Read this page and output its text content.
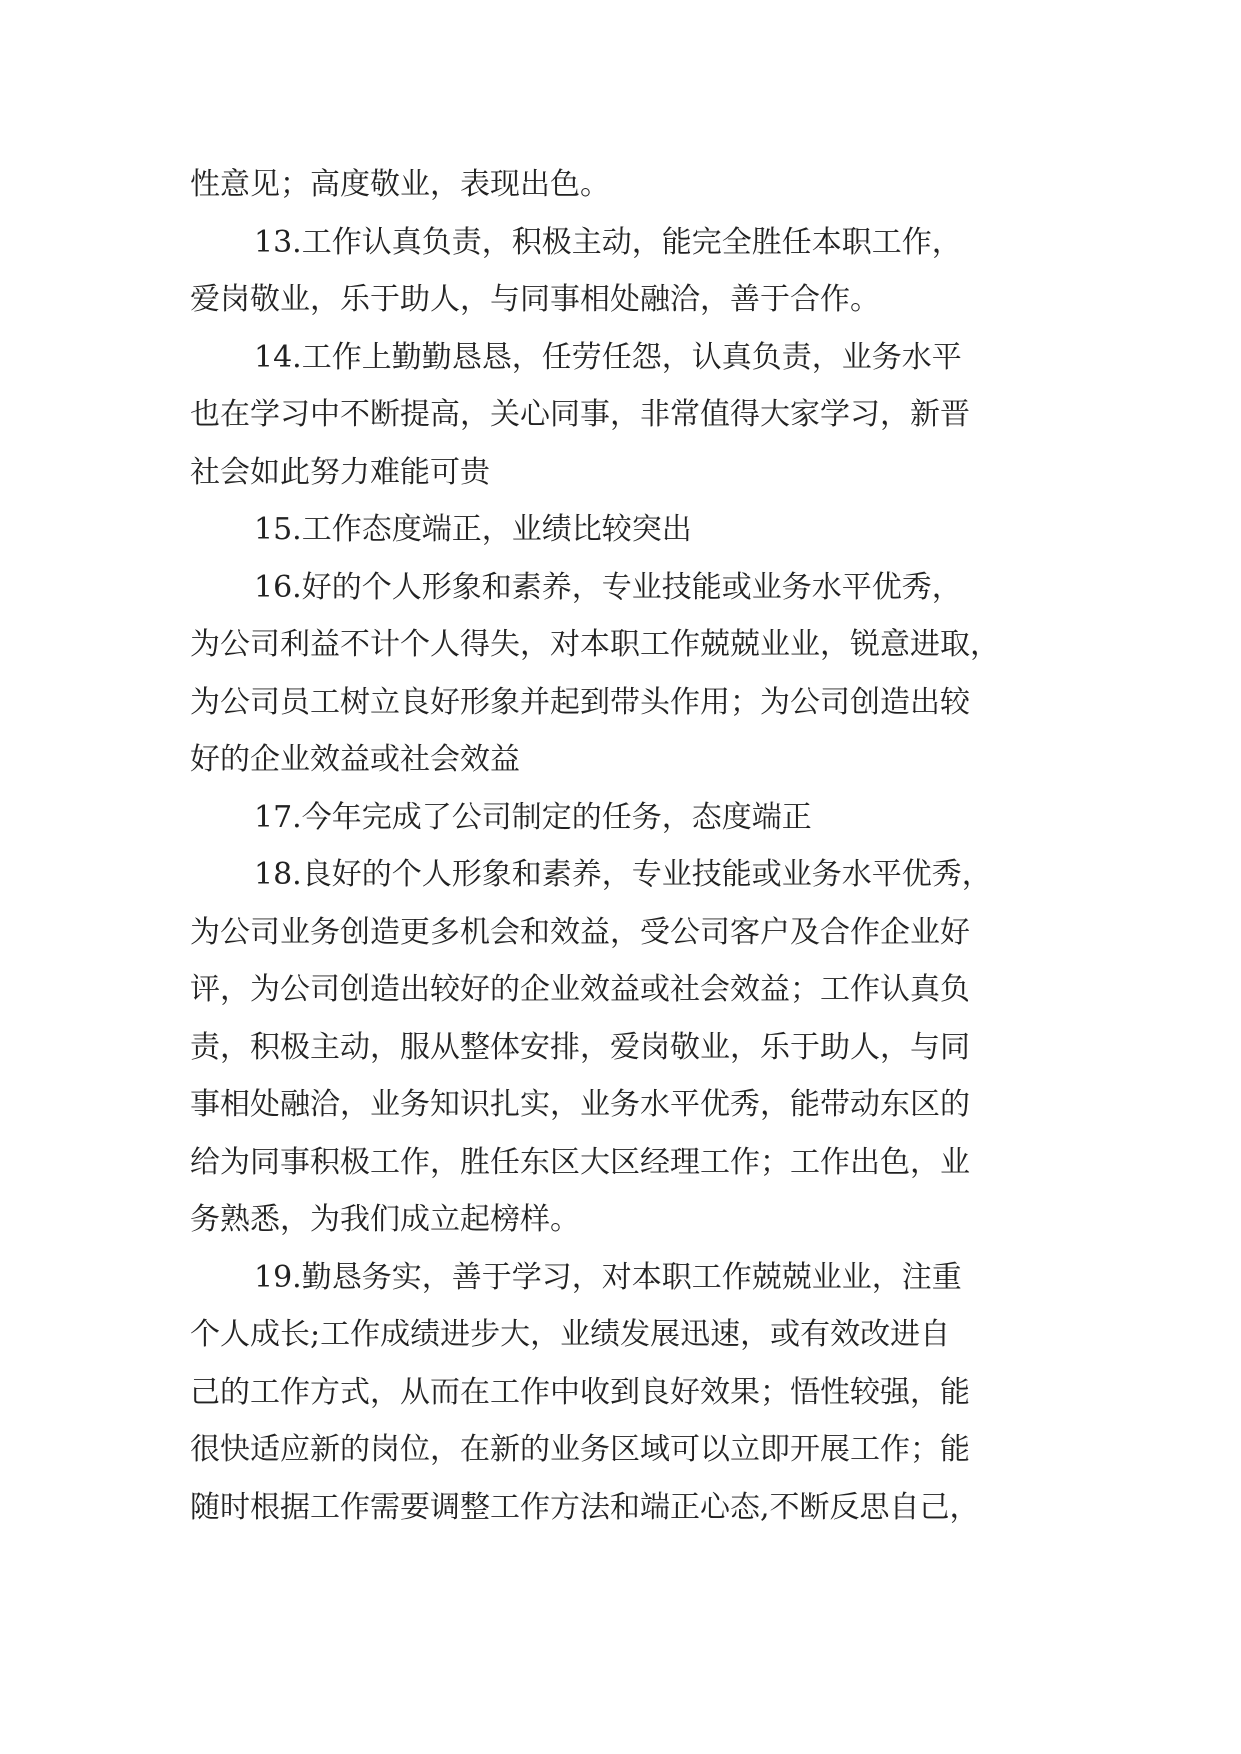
性意见；高度敬业，表现出色。

13.工作认真负责，积极主动，能完全胜任本职工作，
爱岗敬业，乐于助人，与同事相处融洽，善于合作。

14.工作上勤勤恳恳，任劳任怨，认真负责，业务水平
也在学习中不断提高，关心同事，非常值得大家学习，新晋
社会如此努力难能可贵

15.工作态度端正，业绩比较突出

16.好的个人形象和素养，专业技能或业务水平优秀，
为公司利益不计个人得失，对本职工作兢兢业业，锐意进取，
为公司员工树立良好形象并起到带头作用；为公司创造出较
好的企业效益或社会效益

17.今年完成了公司制定的任务，态度端正

18.良好的个人形象和素养，专业技能或业务水平优秀，
为公司业务创造更多机会和效益，受公司客户及合作企业好
评，为公司创造出较好的企业效益或社会效益；工作认真负
责，积极主动，服从整体安排，爱岗敬业，乐于助人，与同
事相处融洽，业务知识扎实，业务水平优秀，能带动东区的
给为同事积极工作，胜任东区大区经理工作；工作出色，业
务熟悉，为我们成立起榜样。

19.勤恳务实，善于学习，对本职工作兢兢业业，注重
个人成长;工作成绩进步大，业绩发展迅速，或有效改进自
己的工作方式，从而在工作中收到良好效果；悟性较强，能
很快适应新的岗位，在新的业务区域可以立即开展工作；能
随时根据工作需要调整工作方法和端正心态,不断反思自己，
